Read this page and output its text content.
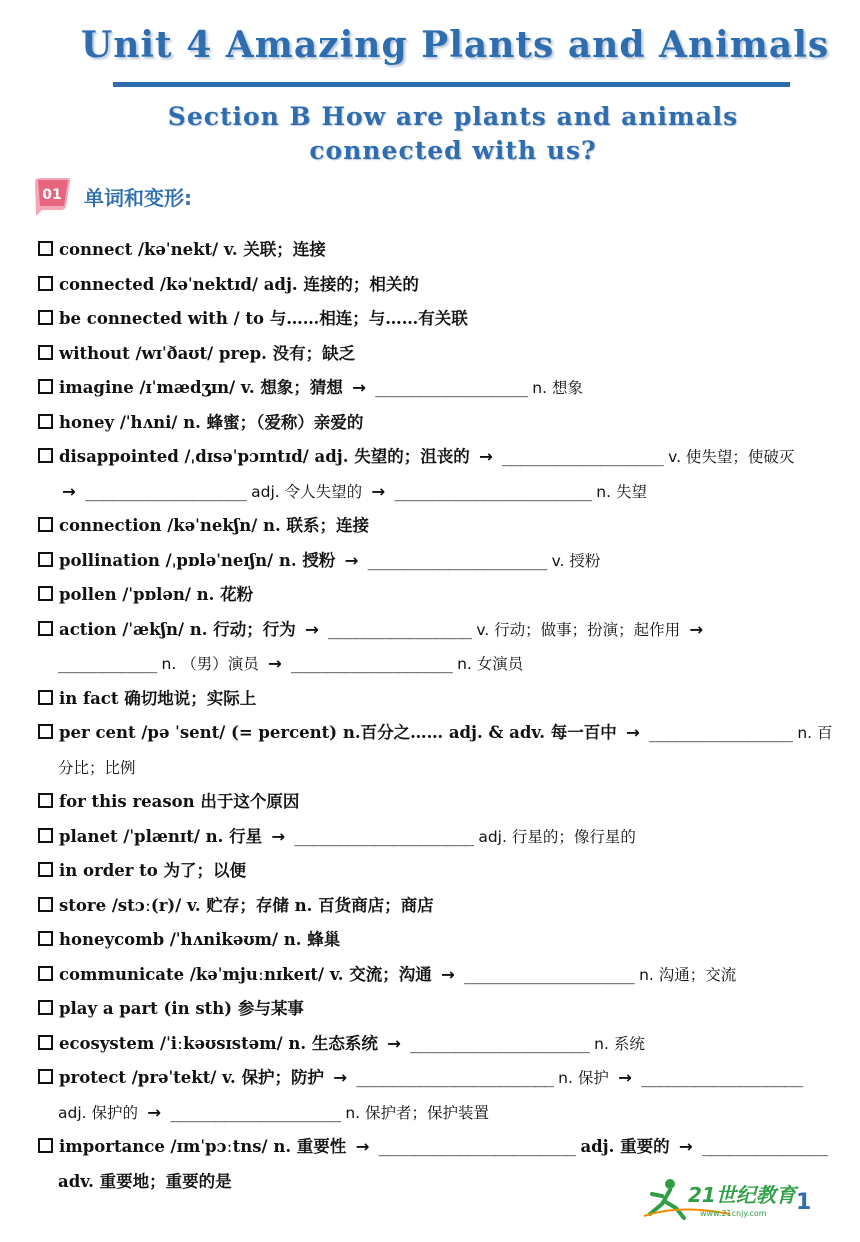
Unit 4 Amazing Plants and Animals
Section B How are plants and animals
connected with us?
01 单词和变形:
connect /kəˈnekt/ v. 关联；连接
connected /kəˈnektɪd/ adj. 连接的；相关的
be connected with / to 与……相连；与……有关联
without /wɪˈðaʊt/ prep. 没有；缺乏
imagine /ɪˈmædʒɪn/ v. 想象；猜想 → _________________ n. 想象
honey /ˈhʌni/ n. 蜂蜜；（爱称）亲爱的
disappointed /ˌdɪsəˈpɔɪntɪd/ adj. 失望的；沮丧的 → __________________ v. 使失望；使破灭
→ __________________ adj. 令人失望的 → ______________________ n. 失望
connection /kəˈnekʃn/ n. 联系；连接
pollination /ˌpɒləˈneɪʃn/ n. 授粉 → ____________________ v. 授粉
pollen /ˈpɒlən/ n. 花粉
action /ˈækʃn/ n. 行动；行为 → ________________ v. 行动；做事；扮演；起作用 →
___________ n. （男）演员 → __________________ n. 女演员
in fact 确切地说；实际上
per cent /pə ˈsent/ (= percent) n.百分之…… adj. & adv. 每一百中 → ________________ n. 百
分比；比例
for this reason 出于这个原因
planet /ˈplænɪt/ n. 行星 → ____________________ adj. 行星的；像行星的
in order to 为了；以便
store /stɔː(r)/ v. 贮存；存储 n. 百货商店；商店
honeycomb /ˈhʌnikəʊm/ n. 蜂巢
communicate /kəˈmjuːnɪkeɪt/ v. 交流；沟通 → ___________________ n. 沟通；交流
play a part (in sth) 参与某事
ecosystem /ˈiːkəʊsɪstəm/ n. 生态系统 → ____________________ n. 系统
protect /prəˈtekt/ v. 保护；防护 → ______________________ n. 保护 → __________________
adj. 保护的 → ___________________ n. 保护者；保护装置
importance /ɪmˈpɔːtns/ n. 重要性 → ______________________ adj. 重要的 → ______________
adv. 重要地；重要的是
21世纪教育
www.21cnjy.com 1
